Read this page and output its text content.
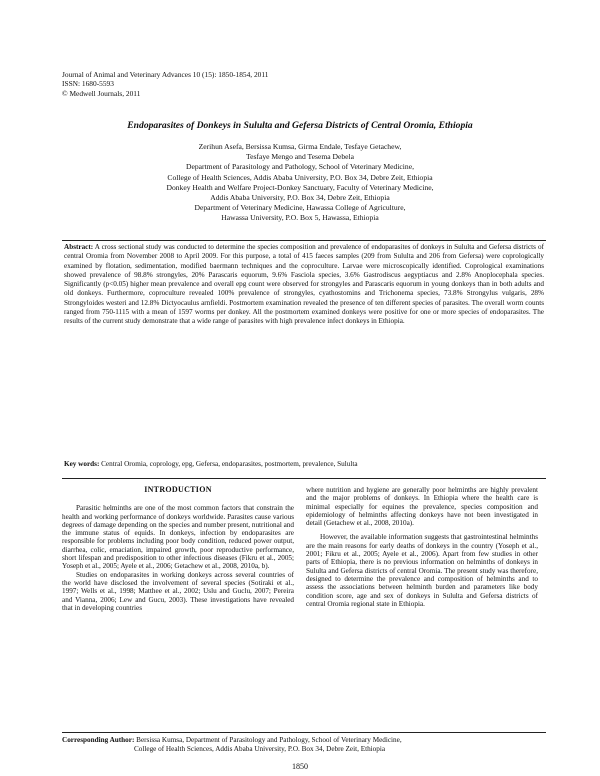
Journal of Animal and Veterinary Advances 10 (15): 1850-1854, 2011
ISSN: 1680-5593
© Medwell Journals, 2011
Endoparasites of Donkeys in Sululta and Gefersa Districts of Central Oromia, Ethiopia
Zerihun Asefa, Bersissa Kumsa, Girma Endale, Tesfaye Getachew,
Tesfaye Mengo and Tesema Debela
Department of Parasitology and Pathology, School of Veterinary Medicine,
College of Health Sciences, Addis Ababa University, P.O. Box 34, Debre Zeit, Ethiopia
Donkey Health and Welfare Project-Donkey Sanctuary, Faculty of Veterinary Medicine,
Addis Ababa University, P.O. Box 34, Debre Zeit, Ethiopia
Department of Veterinary Medicine, Hawassa College of Agriculture,
Hawassa University, P.O. Box 5, Hawassa, Ethiopia
Abstract: A cross sectional study was conducted to determine the species composition and prevalence of endoparasites of donkeys in Sululta and Gefersa districts of central Oromia from November 2008 to April 2009. For this purpose, a total of 415 faeces samples (209 from Sululta and 206 from Gefersa) were coprologically examined by flotation, sedimentation, modified baermann techniques and the coproculture. Larvae were microscopically identified. Coprological examinations showed prevalence of 98.8% strongyles, 20% Parascaris equorum, 9.6% Fasciola species, 3.6% Gastrodiscus aegyptiacus and 2.8% Anoplocephala species. Significantly (p<0.05) higher mean prevalence and overall epg count were observed for strongyles and Parascaris equorum in young donkeys than in both adults and old donkeys. Furthermore, coproculture revealed 100% prevalence of strongyles, cyathostomins and Trichonema species, 73.8% Strongylus vulgaris, 28% Strongyloides westeri and 12.8% Dictyocaulus arnfieldi. Postmortem examination revealed the presence of ten different species of parasites. The overall worm counts ranged from 750-1115 with a mean of 1597 worms per donkey. All the postmortem examined donkeys were positive for one or more species of endoparasites. The results of the current study demonstrate that a wide range of parasites with high prevalence infect donkeys in Ethiopia.
Key words: Central Oromia, coprology, epg, Gefersa, endoparasites, postmortem, prevalence, Sululta
INTRODUCTION

Parasitic helminths are one of the most common factors that constrain the health and working performance of donkeys worldwide. Parasites cause various degrees of damage depending on the species and number present, nutritional and the immune status of equids. In donkeys, infection by endoparasites are responsible for problems including poor body condition, reduced power output, diarrhea, colic, emaciation, impaired growth, poor reproductive performance, short lifespan and predisposition to other infectious diseases (Fikru et al., 2005; Yoseph et al., 2005; Ayele et al., 2006; Getachew et al., 2008, 2010a, b).

Studies on endoparasites in working donkeys across several countries of the world have disclosed the involvement of several species (Sotiraki et al., 1997; Wells et al., 1998; Matthee et al., 2002; Uslu and Guclu, 2007; Pereira and Vianna, 2006; Lew and Gucu, 2003). These investigations have revealed that in developing countries

where nutrition and hygiene are generally poor helminths are highly prevalent and the major problems of donkeys. In Ethiopia where the health care is minimal especially for equines the prevalence, species composition and epidemiology of helminths affecting donkeys have not been investigated in detail (Getachew et al., 2008, 2010a).

However, the available information suggests that gastrointestinal helminths are the main reasons for early deaths of donkeys in the country (Yoseph et al., 2001; Fikru et al., 2005; Ayele et al., 2006). Apart from few studies in other parts of Ethiopia, there is no previous information on helminths of donkeys in Sululta and Gefersa districts of central Oromia. The present study was therefore, designed to determine the prevalence and composition of helminths and to assess the associations between helminth burden and parameters like body condition score, age and sex of donkeys in Sululta and Gefersa districts of central Oromia regional state in Ethiopia.

Corresponding Author: Bersissa Kumsa, Department of Parasitology and Pathology, School of Veterinary Medicine,
College of Health Sciences, Addis Ababa University, P.O. Box 34, Debre Zeit, Ethiopia
1850
